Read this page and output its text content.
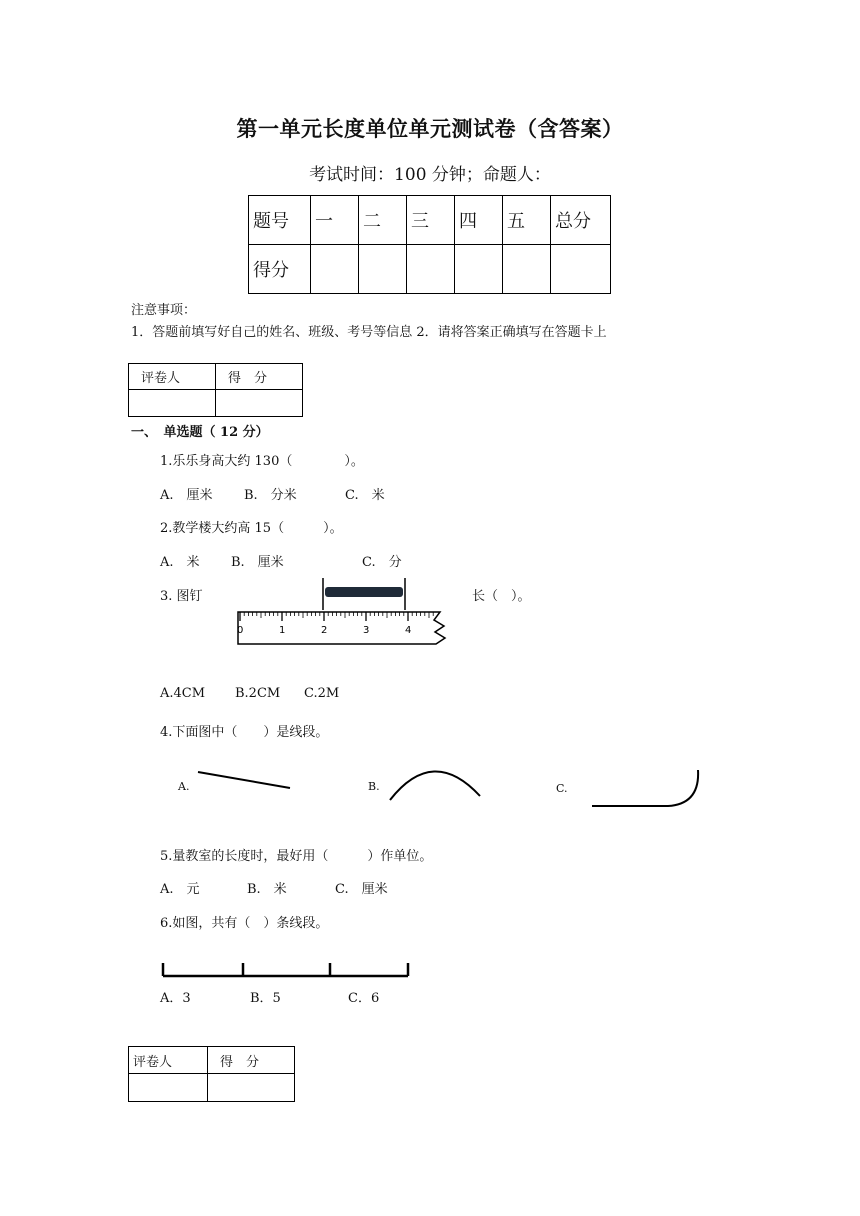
第一单元长度单位单元测试卷（含答案）
考试时间：100 分钟；命题人：
题号	一	二	三	四	五	总分
得分						
注意事项：
1．答题前填写好自己的姓名、班级、考号等信息 2．请将答案正确填写在答题卡上
评卷人	得　分

一、　单选题（ 12 分）
1.乐乐身高大约 130（　　　　）。
A.　厘米 B.　分米	C.　米
2.教学楼大约高 15（　　　）。
A.　米 B.　厘米	C.　分
3. 图钉	长（　）。
0	1	2	3	4
A.4CM B.2CM C.2M
4.下面图中（　　）是线段。
A.	B.	C.
5.量教室的长度时，最好用（　　　）作单位。
A.　元	B.　米	C.　厘米
6.如图，共有（　）条线段。
A．3	B．5	C．6
评卷人	得　分
